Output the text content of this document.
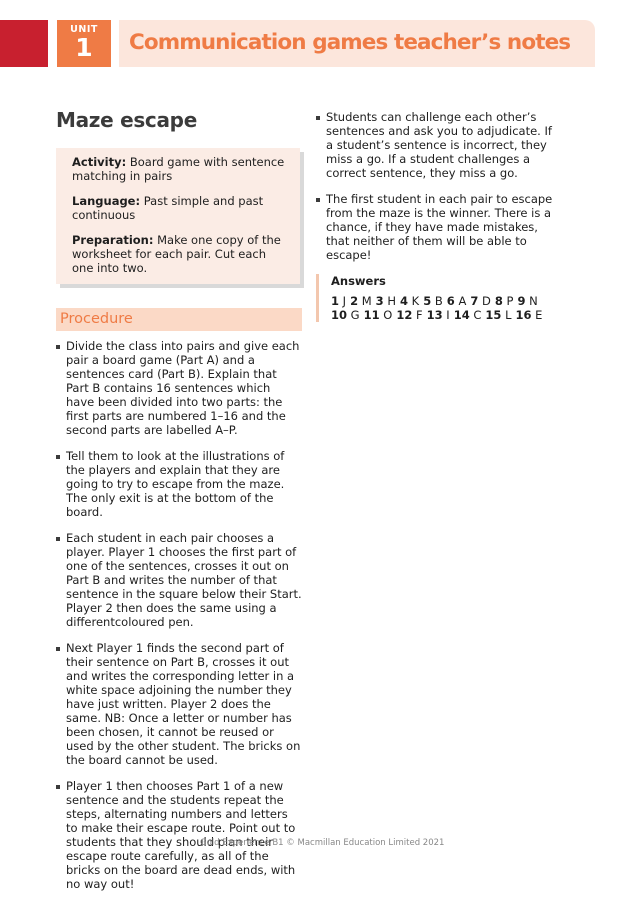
UNIT
1	Communication games teacher’s notes
Maze escape

Activity: Board game with sentence matching in pairs

Language: Past simple and past continuous

Preparation: Make one copy of the worksheet for each pair. Cut each one into two.

Procedure
Divide the class into pairs and give each pair a board game (Part A) and a sentences card (Part B). Explain that Part B contains 16 sentences which have been divided into two parts: the first parts are numbered 1–16 and the second parts are labelled A–P.
Tell them to look at the illustrations of the players and explain that they are going to try to escape from the maze. The only exit is at the bottom of the board.
Each student in each pair chooses a player. Player 1 chooses the first part of one of the sentences, crosses it out on Part B and writes the number of that sentence in the square below their Start. Player 2 then does the same using a differentcoloured pen.
Next Player 1 finds the second part of their sentence on Part B, crosses it out and writes the corresponding letter in a white space adjoining the number they have just written. Player 2 does the same. NB: Once a letter or number has been chosen, it cannot be reused or used by the other student. The bricks on the board cannot be used.
Player 1 then chooses Part 1 of a new sentence and the students repeat the steps, alternating numbers and letters to make their escape route. Point out to students that they should plan their escape route carefully, as all of the bricks on the board are dead ends, with no way out!
Students can challenge each other’s sentences and ask you to adjudicate. If a student’s sentence is incorrect, they miss a go. If a student challenges a correct sentence, they miss a go.
The first student in each pair to escape from the maze is the winner. There is a chance, if they have made mistakes, that neither of them will be able to escape!
Answers
1 J 2 M 3 H 4 K 5 B 6 A 7 D 8 P 9 N
10 G 11 O 12 F 13 I 14 C 15 L 16 E
Gold Experience B1 © Macmillan Education Limited 2021
